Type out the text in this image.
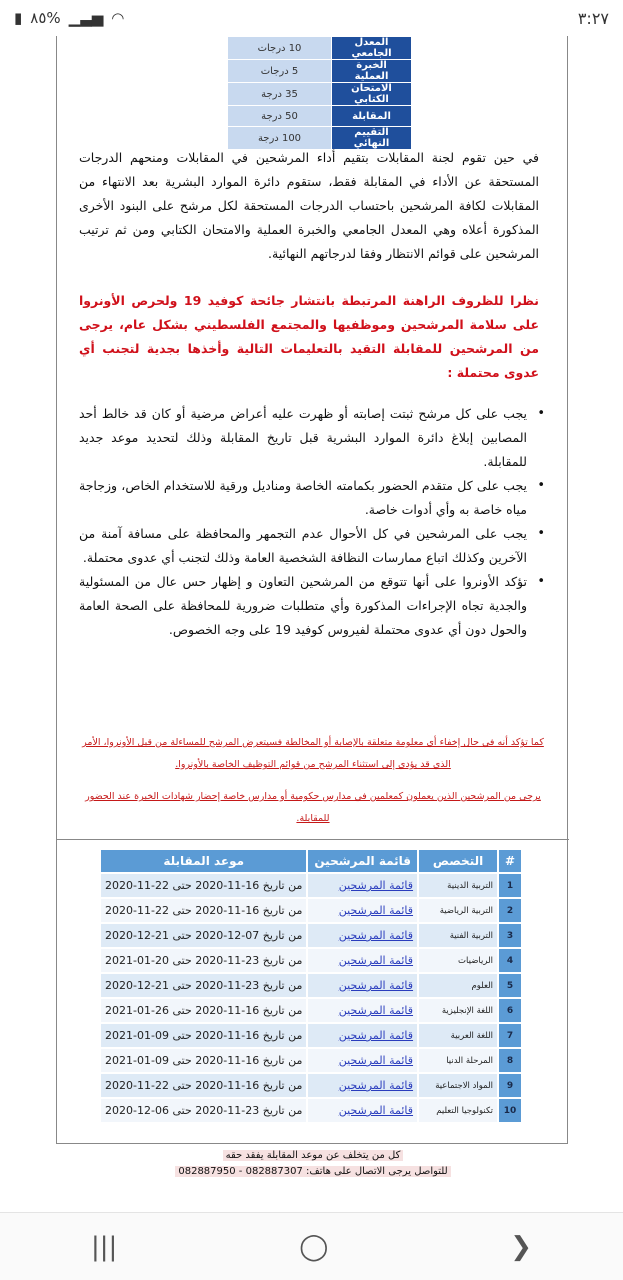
▮ ٨٥% ▁▃▅ ◠	٣:٢٧
المعدل الجامعي	10 درجات
الخبرة العملية	5 درجات
الامتحان الكتابي	35 درجة
المقابلة	50 درجة
التقييم النهائي	100 درجة
في حين تقوم لجنة المقابلات بتقيم أداء المرشحين في المقابلات ومنحهم الدرجات المستحقة عن الأداء في المقابلة فقط، ستقوم دائرة الموارد البشرية بعد الانتهاء من المقابلات لكافة المرشحين باحتساب الدرجات المستحقة لكل مرشح على البنود الأخرى المذكورة أعلاه وهي المعدل الجامعي والخبرة العملية والامتحان الكتابي ومن ثم ترتيب المرشحين على قوائم الانتظار وفقا لدرجاتهم النهائية.
نظرا للظروف الراهنة المرتبطة بانتشار جائحة كوفيد 19 ولحرص الأونروا على سلامة المرشحين وموظفيها والمجتمع الفلسطيني بشكل عام، يرجى من المرشحين للمقابلة التقيد بالتعليمات التالية وأخذها بجدية لتجنب أي عدوى محتملة :
•
يجب على كل مرشح ثبتت إصابته أو ظهرت عليه أعراض مرضية أو كان قد خالط أحد المصابين إبلاغ دائرة الموارد البشرية قبل تاريخ المقابلة وذلك لتحديد موعد جديد للمقابلة.
•
يجب على كل متقدم الحضور بكمامته الخاصة ومناديل ورقية للاستخدام الخاص، وزجاجة مياه خاصة به وأي أدوات خاصة.
•
يجب على المرشحين في كل الأحوال عدم التجمهر والمحافظة على مسافة آمنة من الآخرين وكذلك اتباع ممارسات النظافة الشخصية العامة وذلك لتجنب أي عدوى محتملة.
•
تؤكد الأونروا على أنها تتوقع من المرشحين التعاون و إظهار حس عال من المسئولية والجدية تجاه الإجراءات المذكورة وأي متطلبات ضرورية للمحافظة على الصحة العامة والحول دون أي عدوى محتملة لفيروس كوفيد 19 على وجه الخصوص.
كما تؤكد أنه في حال إخفاء أي معلومة متعلقة بالإصابة أو المخالطة فسيتعرض المرشح للمساءلة من قبل الأونروا، الأمر الذي قد يؤدي إلى استثناء المرشح من قوائم التوظيف الخاصة بالأونروا.
يرجى من المرشحين الذين يعملون كمعلمين في مدارس حكومية أو مدارس خاصة إحضار شهادات الخبرة عند الحضور للمقابلة.
#	التخصص	قائمة المرشحين	موعد المقابلة
1	التربية الدينية	قائمة المرشحين	من تاريخ 16-11-2020 حتى 22-11-2020
2	التربية الرياضية	قائمة المرشحين	من تاريخ 16-11-2020 حتى 22-11-2020
3	التربية الفنية	قائمة المرشحين	من تاريخ 07-12-2020 حتى 21-12-2020
4	الرياضيات	قائمة المرشحين	من تاريخ 23-11-2020 حتى 20-01-2021
5	العلوم	قائمة المرشحين	من تاريخ 23-11-2020 حتى 21-12-2020
6	اللغة الإنجليزية	قائمة المرشحين	من تاريخ 16-11-2020 حتى 26-01-2021
7	اللغة العربية	قائمة المرشحين	من تاريخ 16-11-2020 حتى 09-01-2021
8	المرحلة الدنيا	قائمة المرشحين	من تاريخ 16-11-2020 حتى 09-01-2021
9	المواد الاجتماعية	قائمة المرشحين	من تاريخ 16-11-2020 حتى 22-11-2020
10	تكنولوجيا التعليم	قائمة المرشحين	من تاريخ 23-11-2020 حتى 06-12-2020
كل من يتخلف عن موعد المقابلة يفقد حقه
للتواصل يرجى الاتصال على هاتف: 082887307 - 082887950
|||	◯	❯
